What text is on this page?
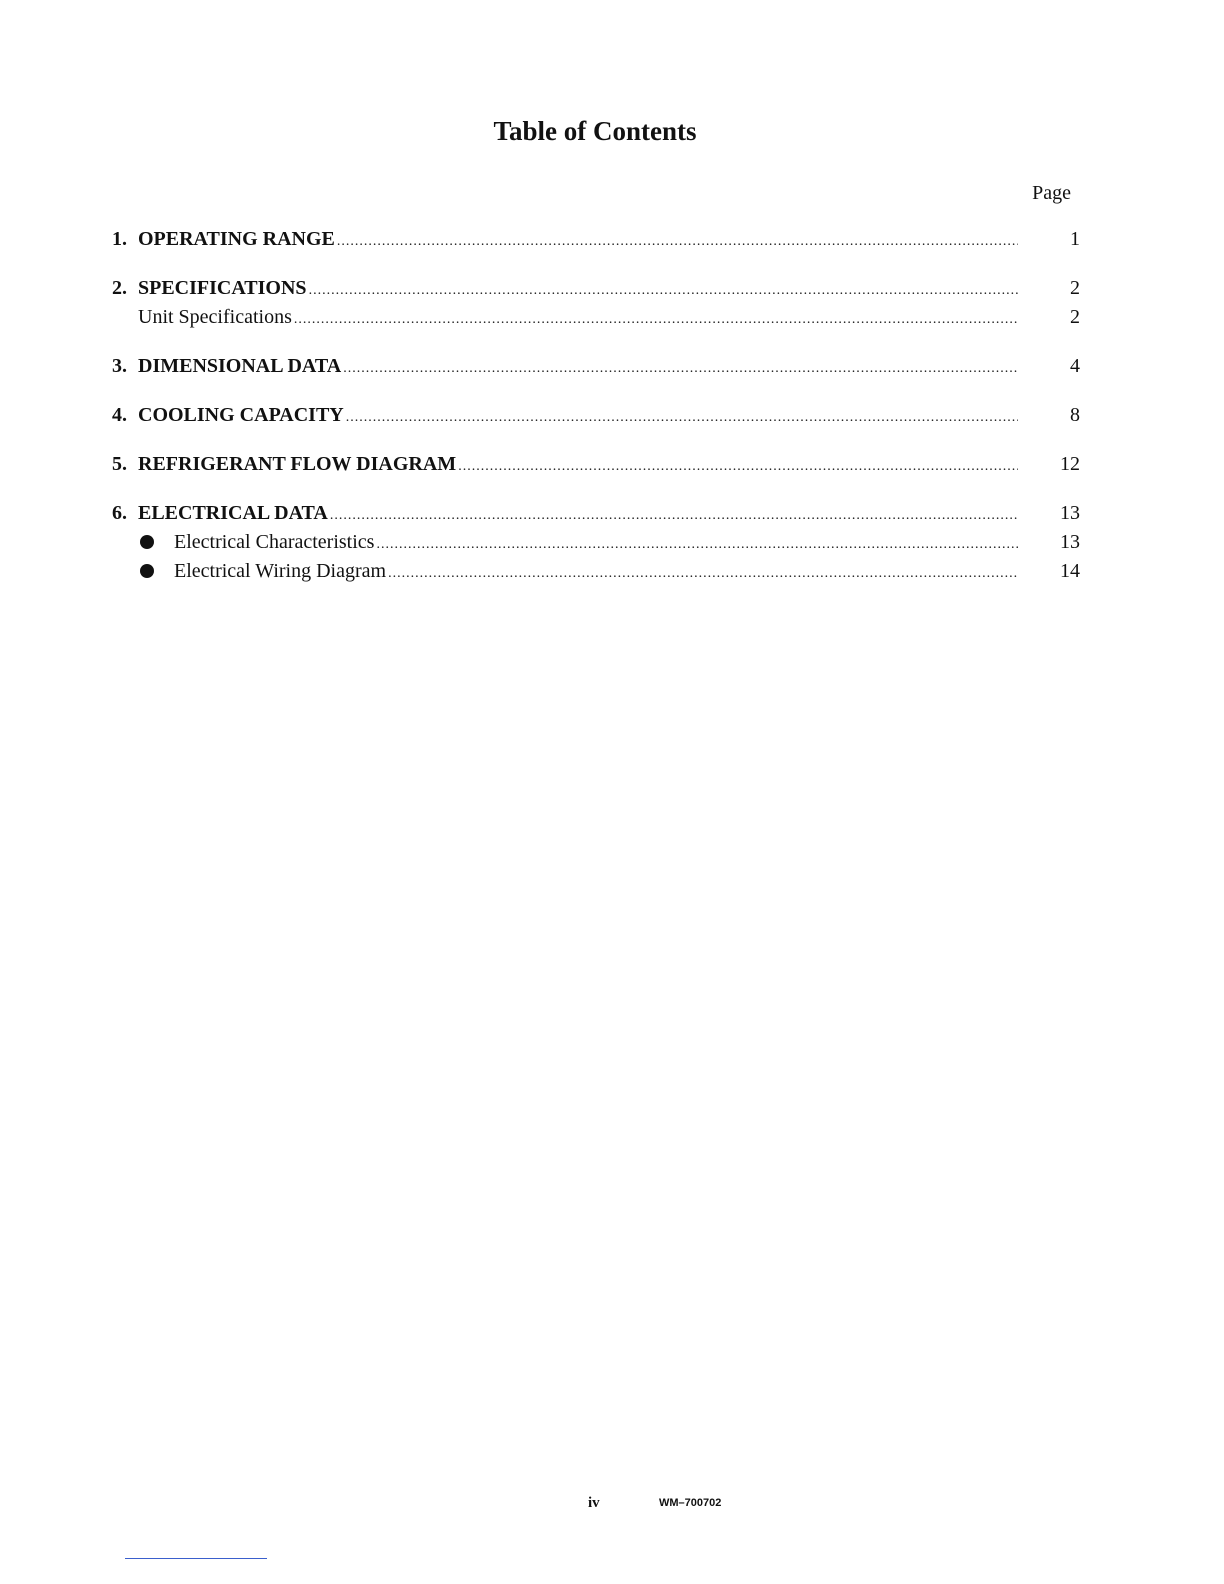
Table of Contents
Page
1. OPERATING RANGE .....	1
2. SPECIFICATIONS .....	2
Unit Specifications .....	2
3. DIMENSIONAL DATA .....	4
4. COOLING CAPACITY .....	8
5. REFRIGERANT FLOW DIAGRAM .....	12
6. ELECTRICAL DATA .....	13
Electrical Characteristics .....	13
Electrical Wiring Diagram .....	14
iv	WM–700702
